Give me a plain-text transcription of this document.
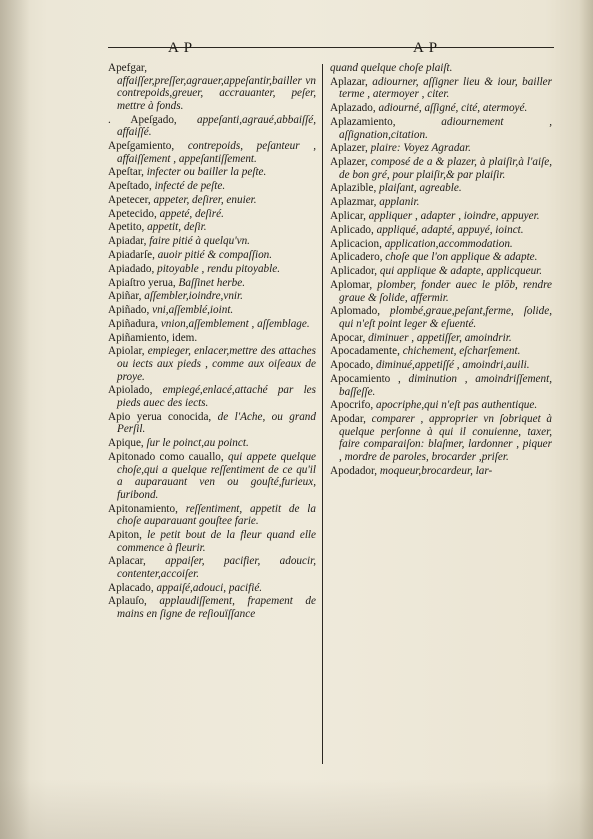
A P	A P
Apefgar, affaiſſer,preſſer,agrauer,appeſantir,bailler vn contrepoids,greuer, accrauanter, peſer, mettre à fonds.
. Apeſgado, appeſanti,agraué,abbaiſſé, affaiſſé.
Apeſgamiento, contrepoids, peſanteur , affaiſſement , appeſantiſſement.
Apeſtar, infecter ou bailler la peſte.
Apeſtado, infecté de peſte.
Apetecer, appeter, deſirer, enuier.
Apetecido, appeté, deſiré.
Apetito, appetit, deſir.
Apiadar, faire pitié à quelqu'vn.
Apiadarſe, auoir pitié & compaſſion.
Apiadado, pitoyable , rendu pitoyable.
Apiaſtro yerua, Baſſinet herbe.
Apiñar, aſſembler,ioindre,vnir.
Apiñado, vni,aſſemblé,ioint.
Apiñadura, vnion,aſſemblement , aſſemblage.
Apiñamiento, idem.
Apiolar, empieger, enlacer,mettre des attaches ou iects aux pieds , comme aux oiſeaux de proye.
Apiolado, empiegé,enlacé,attaché par les pieds auec des iects.
Apio yerua conocida, de l'Ache, ou grand Perſil.
Apique, ſur le poinct,au poinct.
Apitonado como cauallo, qui appete quelque choſe,qui a quelque reſſentiment de ce qu'il a auparauant ven ou gouſté,furieux, furibond.
Apitonamiento, reſſentiment, appetit de la choſe auparauant gouſtee farie.
Apiton, le petit bout de la fleur quand elle commence à fleurir.
Aplacar, appaiſer, pacifier, adoucir, contenter,accoiſer.
Aplacado, appaiſé,adouci, pacifié.
Aplauſo, applaudiſſement, frapement de mains en ſigne de reſiouïſſance
quand quelque choſe plaiſt.
Aplazar, adiourner, aſſigner lieu & iour, bailler terme , atermoyer , citer.
Aplazado, adiourné, aſſigné, cité, atermoyé.
Aplazamiento,	adiournement , aſſignation,citation.
Aplazer, plaire: Voyez Agradar.
Aplazer, composé de a & plazer, à plaiſir,à l'aiſe, de bon gré, pour plaiſir,& par plaiſir.
Aplazible, plaiſant, agreable.
Aplazmar, applanir.
Aplicar, appliquer , adapter , ioindre, appuyer.
Aplicado, appliqué, adapté, appuyé, ioinct.
Aplicacion, application,accommodation.
Aplicadero, choſe que l'on applique & adapte.
Aplicador, qui applique & adapte, applicqueur.
Aplomar, plomber, fonder auec le plōb, rendre graue & ſolide, affermir.
Aplomado, plombé,graue,peſant,ferme, ſolide, qui n'eſt point leger & eſuenté.
Apocar, diminuer , appetiſſer, amoindrir.
Apocadamente, chichement, eſcharſement.
Apocado, diminué,appetiſſé , amoindri,auili.
Apocamiento , diminution , amoindriſſement, baſſeſſe.
Apocrifo, apocriphe,qui n'eſt pas authentique.
Apodar, comparer , approprier vn ſobriquet à quelque perſonne à qui il conuienne, taxer, faire comparaiſon: blaſmer, lardonner , piquer , mordre de paroles, brocarder ,priſer.
Apodador, moqueur,brocardeur, lar-
